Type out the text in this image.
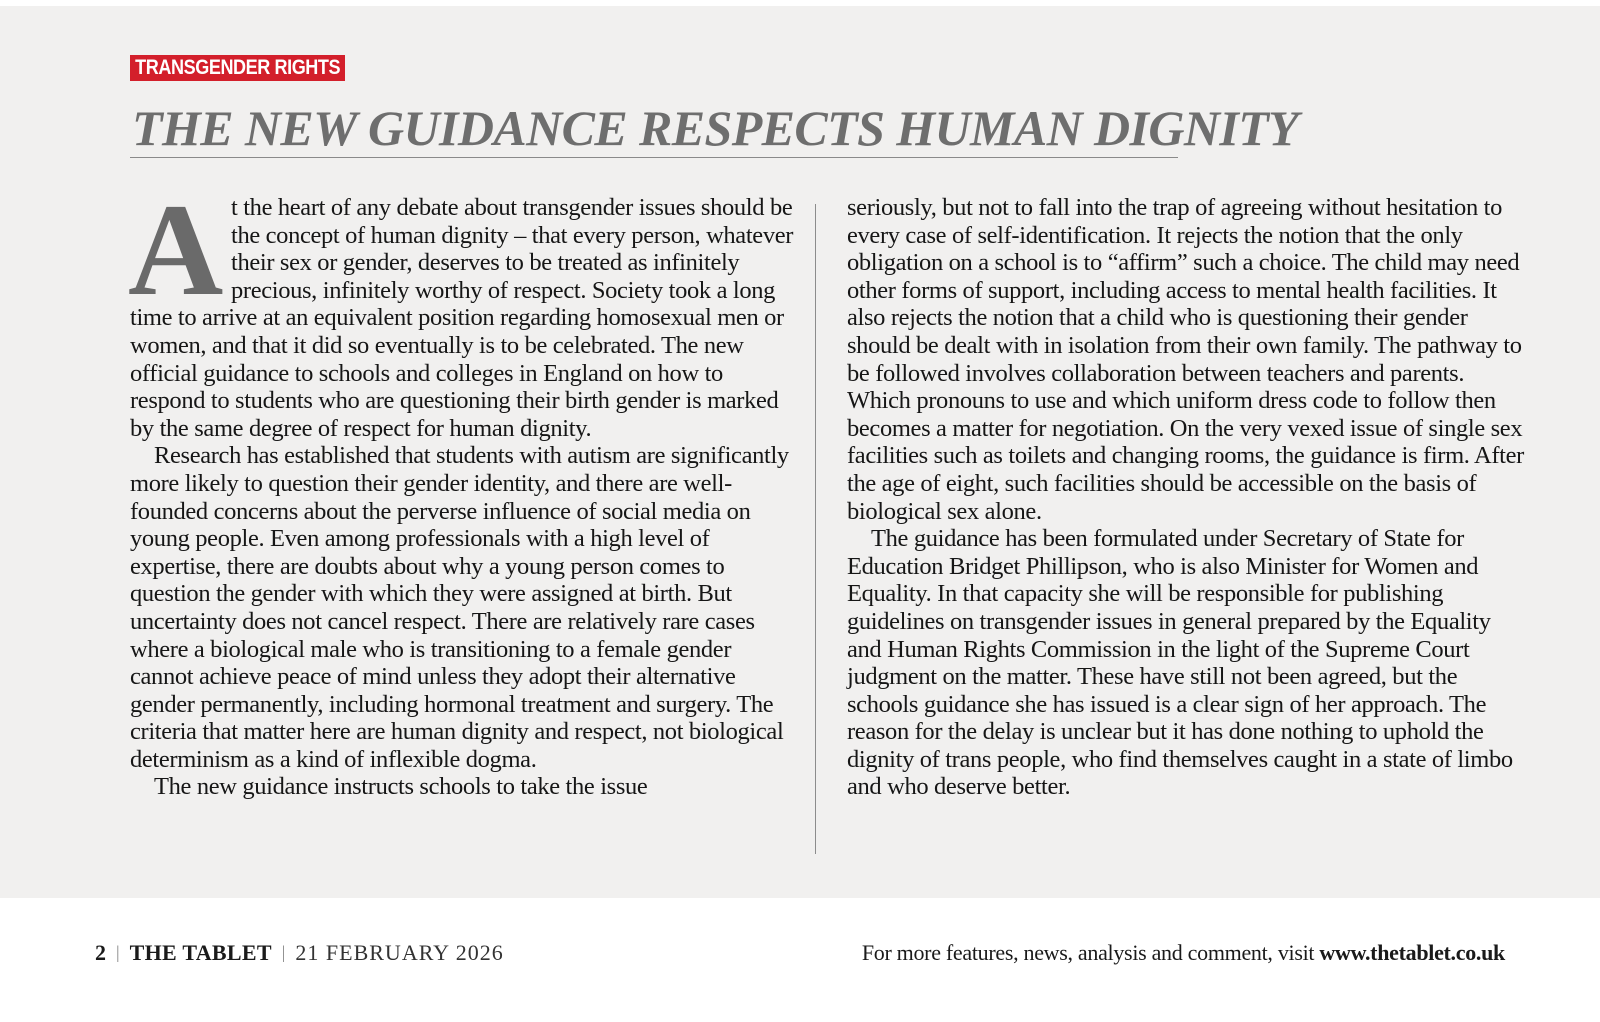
TRANSGENDER RIGHTS
THE NEW GUIDANCE RESPECTS HUMAN DIGNITY

At the heart of any debate about transgender issues should be the concept of human dignity – that every person, whatever their sex or gender, deserves to be treated as infinitely precious, infinitely worthy of respect. Society took a long time to arrive at an equivalent position regarding homosexual men or women, and that it did so eventually is to be celebrated. The new official guidance to schools and colleges in England on how to respond to students who are questioning their birth gender is marked by the same degree of respect for human dignity.

Research has established that students with autism are significantly more likely to question their gender identity, and there are well-founded concerns about the perverse influence of social media on young people. Even among professionals with a high level of expertise, there are doubts about why a young person comes to question the gender with which they were assigned at birth. But uncertainty does not cancel respect. There are relatively rare cases where a biological male who is transitioning to a female gender cannot achieve peace of mind unless they adopt their alternative gender permanently, including hormonal treatment and surgery. The criteria that matter here are human dignity and respect, not biological determinism as a kind of inflexible dogma.

The new guidance instructs schools to take the issue

seriously, but not to fall into the trap of agreeing without hesitation to every case of self-identification. It rejects the notion that the only obligation on a school is to “affirm” such a choice. The child may need other forms of support, including access to mental health facilities. It also rejects the notion that a child who is questioning their gender should be dealt with in isolation from their own family. The pathway to be followed involves collaboration between teachers and parents. Which pronouns to use and which uniform dress code to follow then becomes a matter for negotiation. On the very vexed issue of single sex facilities such as toilets and changing rooms, the guidance is firm. After the age of eight, such facilities should be accessible on the basis of biological sex alone.

The guidance has been formulated under Secretary of State for Education Bridget Phillipson, who is also Minister for Women and Equality. In that capacity she will be responsible for publishing guidelines on transgender issues in general prepared by the Equality and Human Rights Commission in the light of the Supreme Court judgment on the matter. These have still not been agreed, but the schools guidance she has issued is a clear sign of her approach. The reason for the delay is unclear but it has done nothing to uphold the dignity of trans people, who find themselves caught in a state of limbo and who deserve better.

2 | THE TABLET | 21 FEBRUARY 2026	For more features, news, analysis and comment, visit www.thetablet.co.uk
